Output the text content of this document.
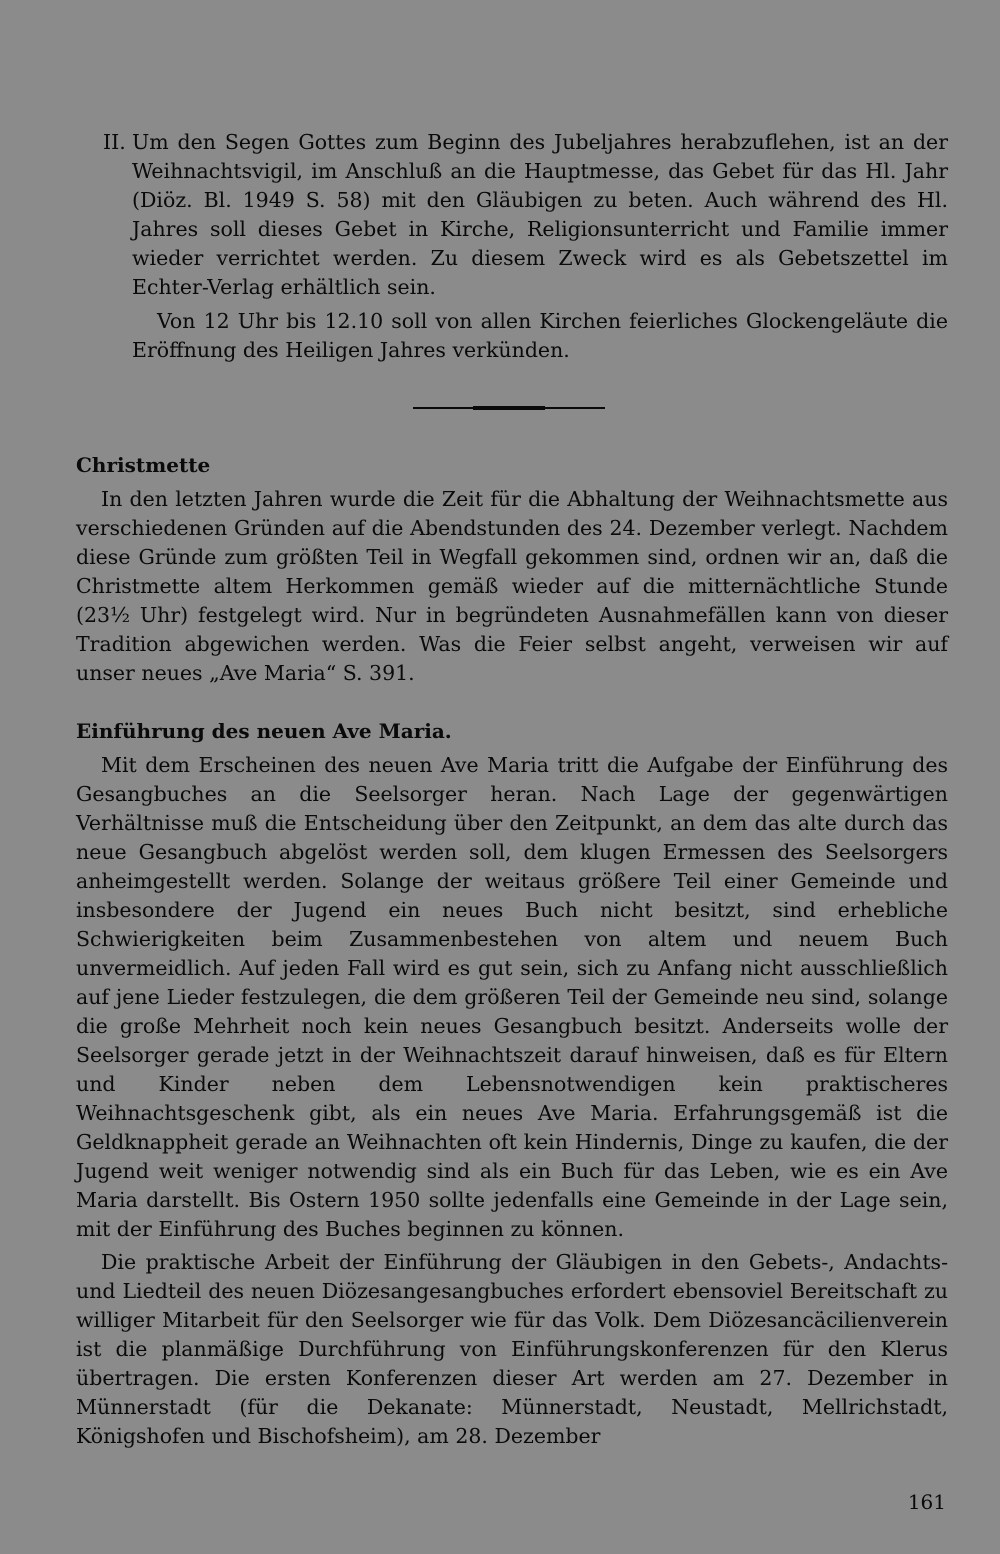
II. Um den Segen Gottes zum Beginn des Jubeljahres herabzuflehen, ist an der Weihnachtsvigil, im Anschluß an die Hauptmesse, das Gebet für das Hl. Jahr (Diöz. Bl. 1949 S. 58) mit den Gläubigen zu beten. Auch während des Hl. Jahres soll dieses Gebet in Kirche, Religionsunterricht und Familie immer wieder verrichtet werden. Zu diesem Zweck wird es als Gebetszettel im Echter-Verlag erhältlich sein.

Von 12 Uhr bis 12.10 soll von allen Kirchen feierliches Glockengeläute die Eröffnung des Heiligen Jahres verkünden.

Christmette

In den letzten Jahren wurde die Zeit für die Abhaltung der Weihnachtsmette aus verschiedenen Gründen auf die Abendstunden des 24. Dezember verlegt. Nachdem diese Gründe zum größten Teil in Wegfall gekommen sind, ordnen wir an, daß die Christmette altem Herkommen gemäß wieder auf die mitternächtliche Stunde (23½ Uhr) festgelegt wird. Nur in begründeten Ausnahmefällen kann von dieser Tradition abgewichen werden. Was die Feier selbst angeht, verweisen wir auf unser neues „Ave Maria“ S. 391.

Einführung des neuen Ave Maria.

Mit dem Erscheinen des neuen Ave Maria tritt die Aufgabe der Einführung des Gesangbuches an die Seelsorger heran. Nach Lage der gegenwärtigen Verhältnisse muß die Entscheidung über den Zeitpunkt, an dem das alte durch das neue Gesangbuch abgelöst werden soll, dem klugen Ermessen des Seelsorgers anheimgestellt werden. Solange der weitaus größere Teil einer Gemeinde und insbesondere der Jugend ein neues Buch nicht besitzt, sind erhebliche Schwierigkeiten beim Zusammenbestehen von altem und neuem Buch unvermeidlich. Auf jeden Fall wird es gut sein, sich zu Anfang nicht ausschließlich auf jene Lieder festzulegen, die dem größeren Teil der Gemeinde neu sind, solange die große Mehrheit noch kein neues Gesangbuch besitzt. Anderseits wolle der Seelsorger gerade jetzt in der Weihnachtszeit darauf hinweisen, daß es für Eltern und Kinder neben dem Lebensnotwendigen kein praktischeres Weihnachtsgeschenk gibt, als ein neues Ave Maria. Erfahrungsgemäß ist die Geldknappheit gerade an Weihnachten oft kein Hindernis, Dinge zu kaufen, die der Jugend weit weniger notwendig sind als ein Buch für das Leben, wie es ein Ave Maria darstellt. Bis Ostern 1950 sollte jedenfalls eine Gemeinde in der Lage sein, mit der Einführung des Buches beginnen zu können.

Die praktische Arbeit der Einführung der Gläubigen in den Gebets-, Andachts- und Liedteil des neuen Diözesangesangbuches erfordert ebensoviel Bereitschaft zu williger Mitarbeit für den Seelsorger wie für das Volk. Dem Diözesancäcilienverein ist die planmäßige Durchführung von Einführungskonferenzen für den Klerus übertragen. Die ersten Konferenzen dieser Art werden am 27. Dezember in Münnerstadt (für die Dekanate: Münnerstadt, Neustadt, Mellrichstadt, Königshofen und Bischofsheim), am 28. Dezember

161
